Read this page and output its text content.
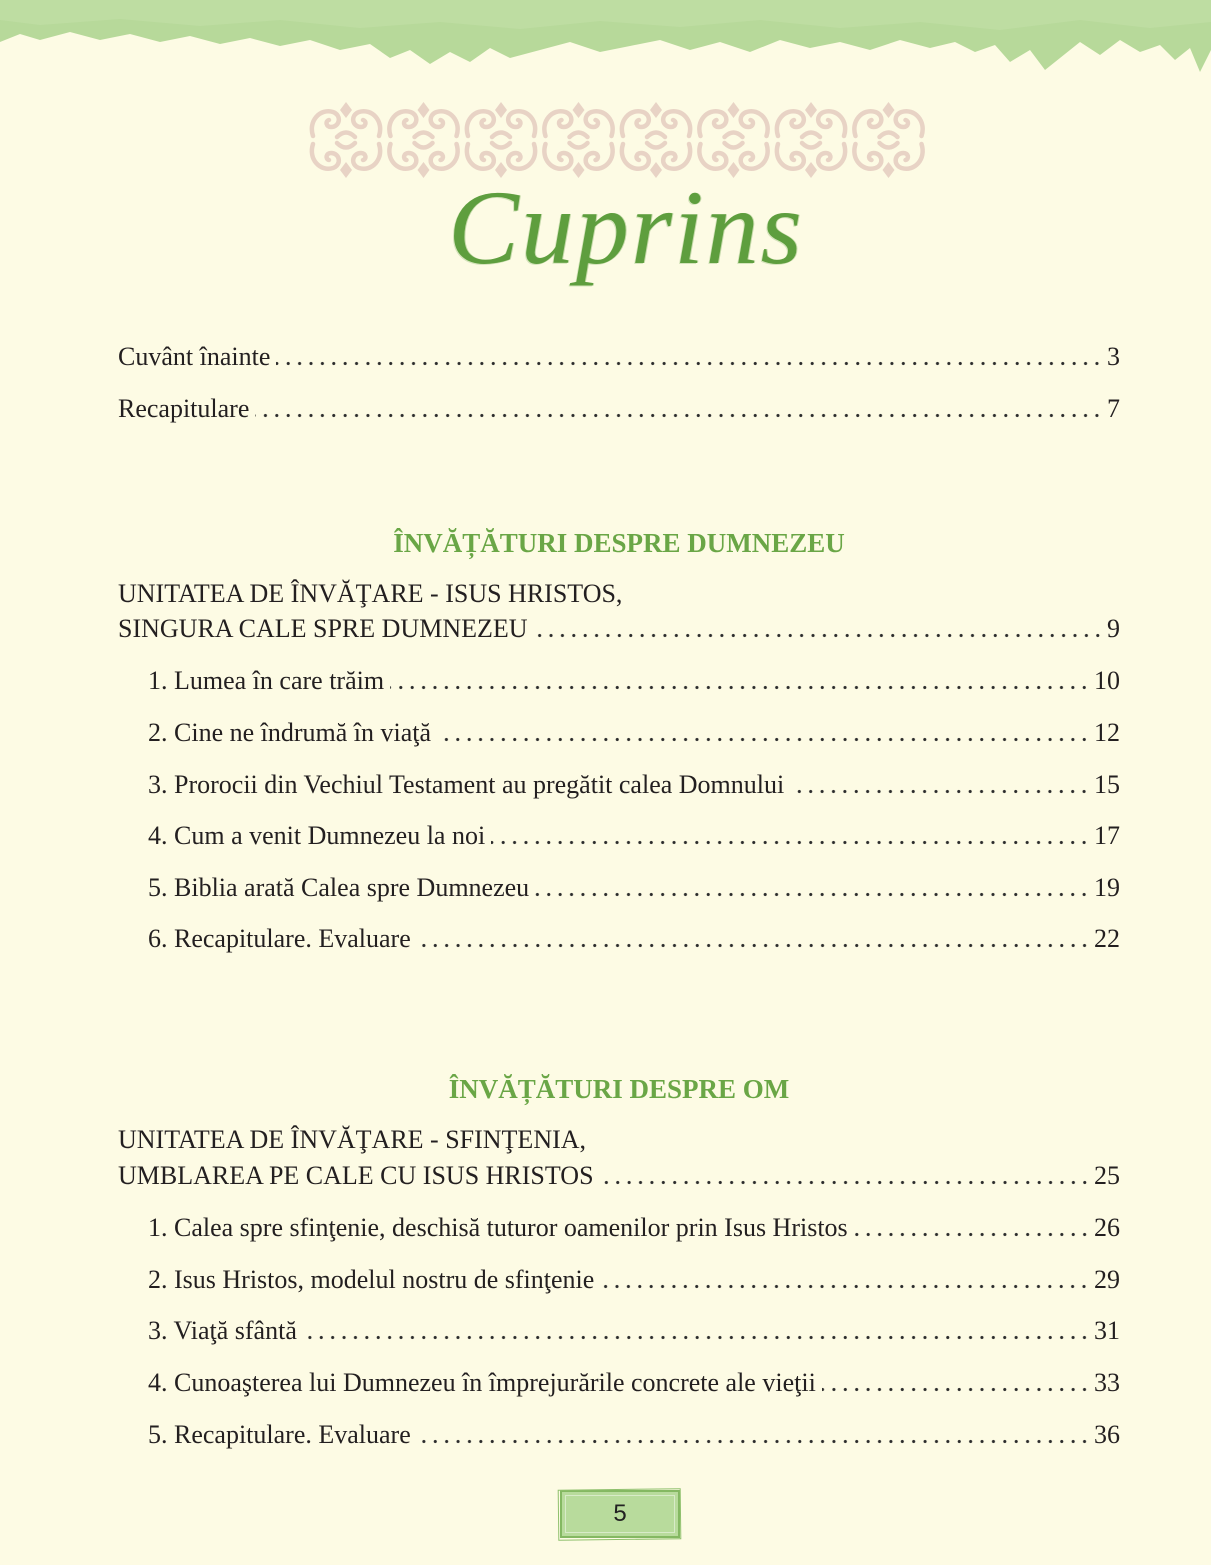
Cuprins
Cuvânt înainte	3
Recapitulare	7
ÎNVĂȚĂTURI DESPRE DUMNEZEU
UNITATEA DE ÎNVĂŢARE - ISUS HRISTOS,
SINGURA CALE SPRE DUMNEZEU	9
1. Lumea în care trăim	10
2. Cine ne îndrumă în viaţă	12
3. Prorocii din Vechiul Testament au pregătit calea Domnului	15
4. Cum a venit Dumnezeu la noi	17
5. Biblia arată Calea spre Dumnezeu	19
6. Recapitulare. Evaluare	22
ÎNVĂȚĂTURI DESPRE OM
UNITATEA DE ÎNVĂŢARE - SFINŢENIA,
UMBLAREA PE CALE CU ISUS HRISTOS	25
1. Calea spre sfinţenie, deschisă tuturor oamenilor prin Isus Hristos	26
2. Isus Hristos, modelul nostru de sfinţenie	29
3. Viaţă sfântă	31
4. Cunoaşterea lui Dumnezeu în împrejurările concrete ale vieţii	33
5. Recapitulare. Evaluare	36
5
